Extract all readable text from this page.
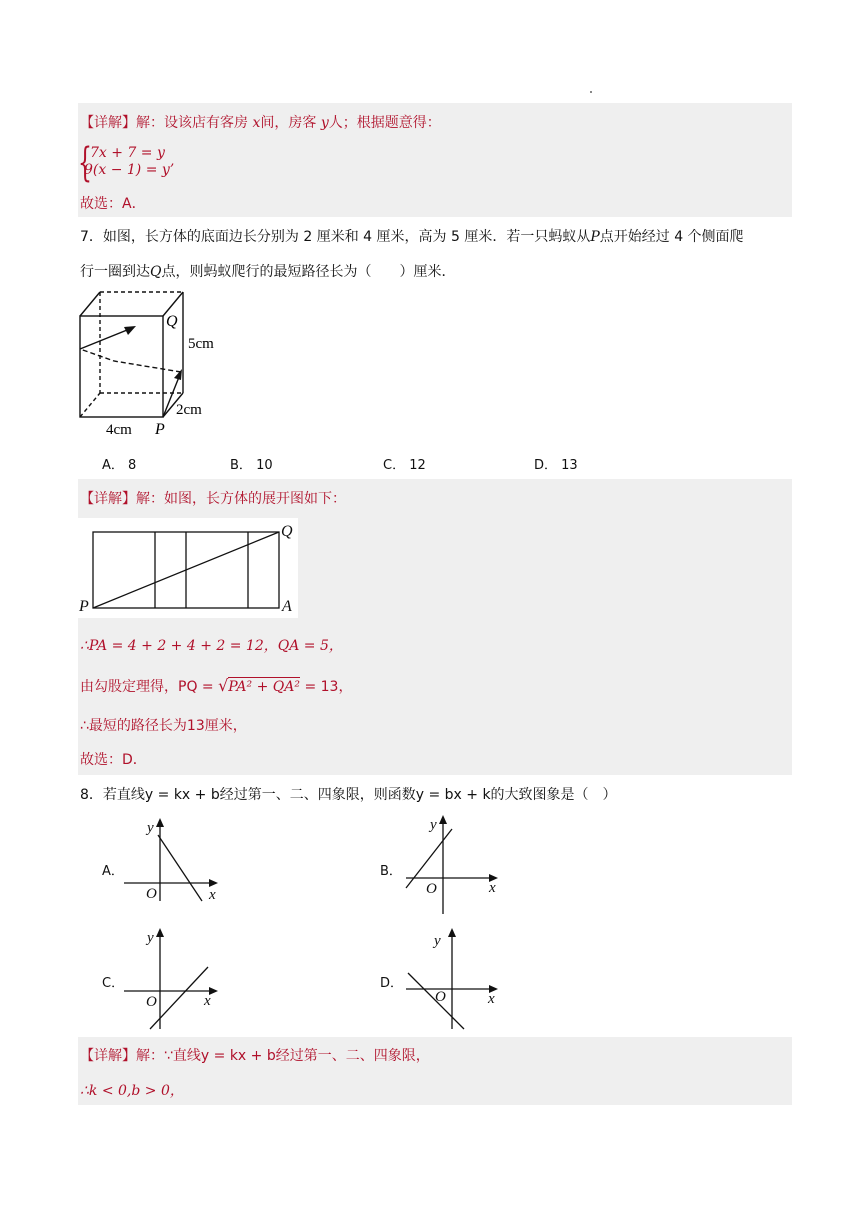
【详解】解：设该店有客房 x间，房客 y人；根据题意得：
{
7x + 7 = y
9(x − 1) = y’
故选：A．
7．如图，长方体的底面边长分别为 2 厘米和 4 厘米，高为 5 厘米．若一只蚂蚁从P点开始经过 4 个侧面爬
行一圈到达Q点，则蚂蚁爬行的最短路径长为（　　）厘米．
Q
5cm
2cm
4cm P
A． 8	B． 10	C． 12	D． 13
【详解】解：如图，长方体的展开图如下：
Q
P	A
∴PA = 4 + 2 + 4 + 2 = 12，QA = 5，
由勾股定理得，PQ = √PA² + QA² = 13，
∴最短的路径长为13厘米，
故选：D．
8．若直线y = kx + b经过第一、二、四象限，则函数y = bx + k的大致图象是（　）
A．
y
x
O
B．
y
x
O
C．
y
x
O
D．
y
x
O
【详解】解：∵直线y = kx + b经过第一、二、四象限，
∴k < 0,b > 0，
